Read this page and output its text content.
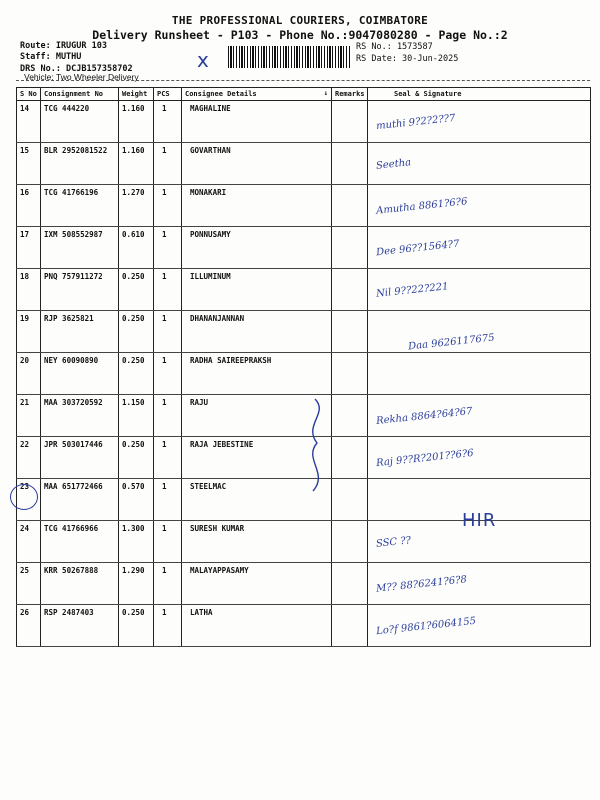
THE PROFESSIONAL COURIERS, COIMBATORE
Delivery Runsheet - P103 - Phone No.:9047080280 - Page No.:2
Route: IRUGUR 103
Staff: MUTHU
DRS No.: DCJB157358702
Vehicle: Two Wheeler Delivery
x
RS No.: 1573587
RS Date: 30-Jun-2025
S No	Consignment No	Weight	PCS	Consignee Details ↓		Remarks	Seal & Signature
14	TCG 444220	1.160	1	MAGHALINE			muthi 9?2?2??7

15	BLR 2952081522	1.160	1	GOVARTHAN			Seetha

16	TCG 41766196	1.270	1	MONAKARI			Amutha 8861?6?6

17	IXM 508552987	0.610	1	PONNUSAMY			Dee 96??1564?7

18	PNQ 757911272	0.250	1	ILLUMINUM			Nil 9??22?221

19	RJP 3625821	0.250	1	DHANANJANNAN			Daa 9626117675

20	NEY 60090890	0.250	1	RADHA SAIREEPRAKSH			

21	MAA 303720592	1.150	1	RAJU			Rekha 8864?64?67

22	JPR 503017446	0.250	1	RAJA JEBESTINE			Raj 9??R?201??6?6

23	MAA 651772466	0.570	1	STEELMAC			

24	TCG 41766966	1.300	1	SURESH KUMAR			SSC ??

25	KRR 50267888	1.290	1	MALAYAPPASAMY			M?? 88?6241?6?8

26	RSP 2487403	0.250	1	LATHA			Lo?f 9861?6064155
HIR
